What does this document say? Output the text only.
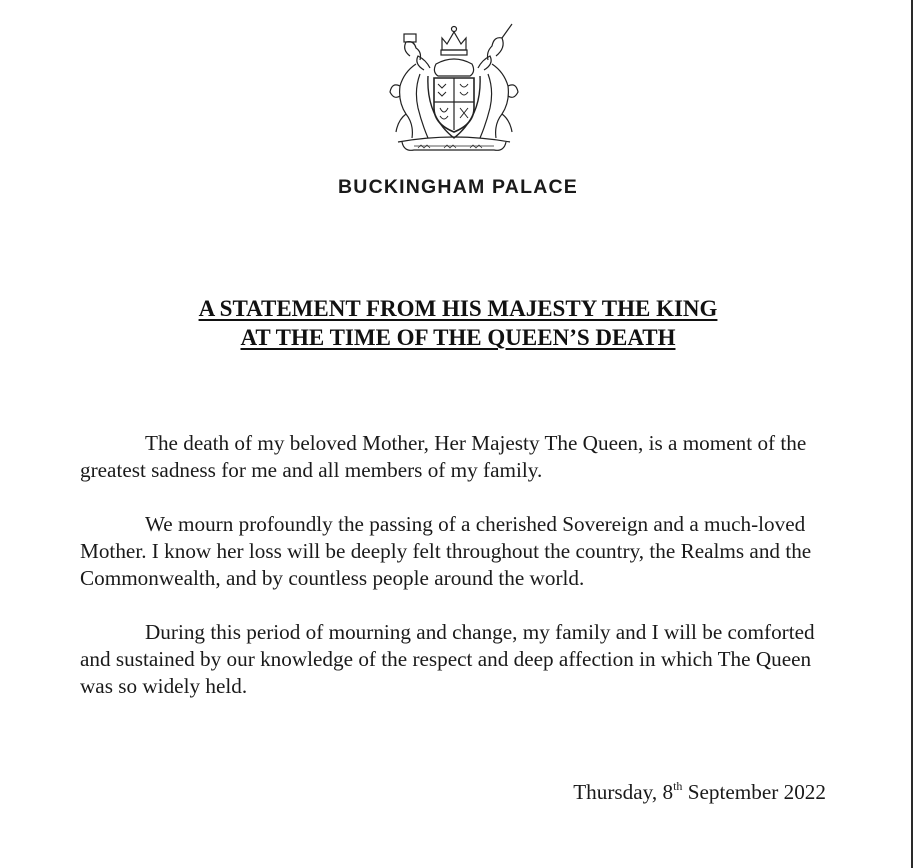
BUCKINGHAM PALACE
A STATEMENT FROM HIS MAJESTY THE KING
AT THE TIME OF THE QUEEN’S DEATH

The death of my beloved Mother, Her Majesty The Queen, is a moment of the greatest sadness for me and all members of my family.

We mourn profoundly the passing of a cherished Sovereign and a much-loved Mother. I know her loss will be deeply felt throughout the country, the Realms and the Commonwealth, and by countless people around the world.

During this period of mourning and change, my family and I will be comforted and sustained by our knowledge of the respect and deep affection in which The Queen was so widely held.

Thursday, 8th September 2022
